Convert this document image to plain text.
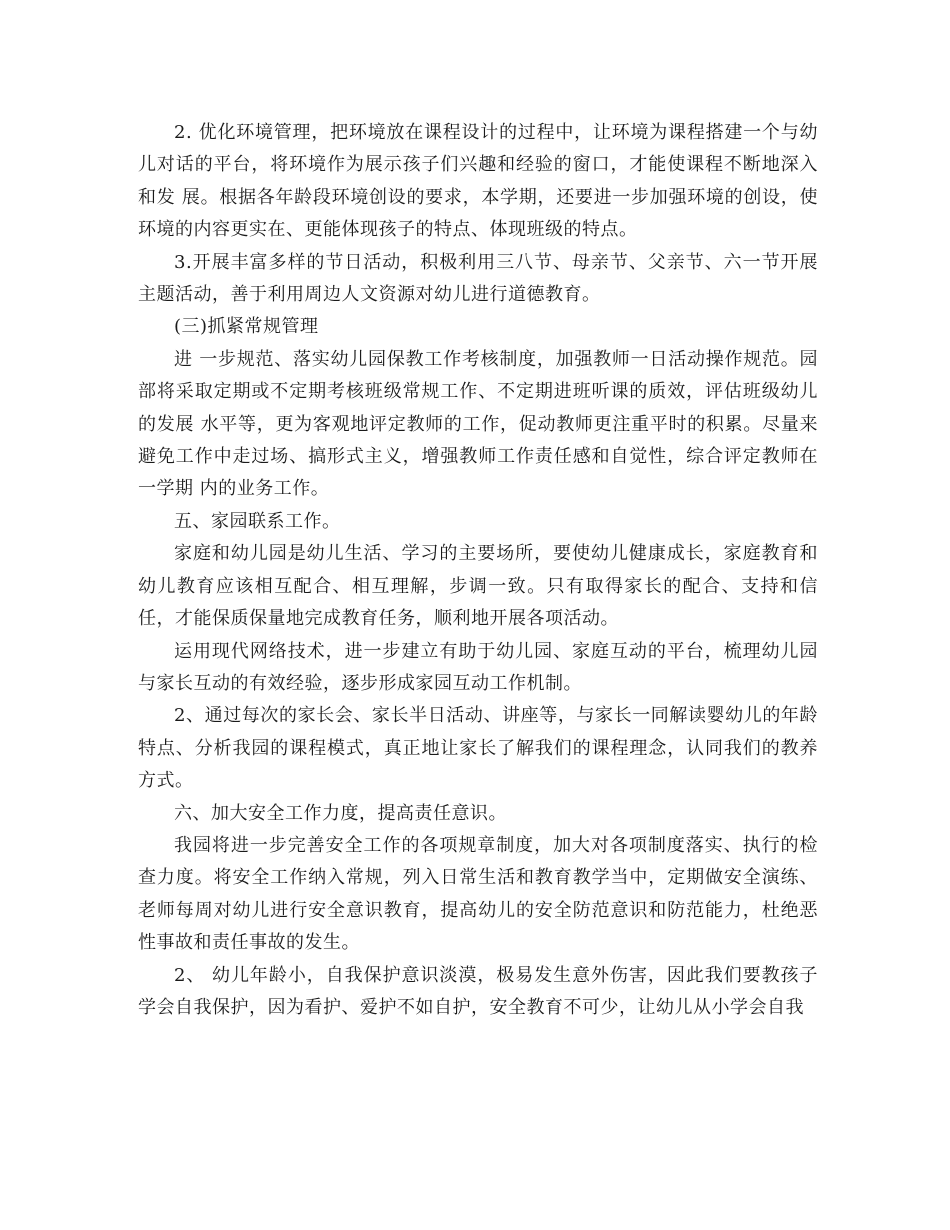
2. 优化环境管理，把环境放在课程设计的过程中，让环境为课程搭建一个与幼儿对话的平台，将环境作为展示孩子们兴趣和经验的窗口，才能使课程不断地深入和发 展。根据各年龄段环境创设的要求，本学期，还要进一步加强环境的创设，使环境的内容更实在、更能体现孩子的特点、体现班级的特点。

3.开展丰富多样的节日活动，积极利用三八节、母亲节、父亲节、六一节开展主题活动，善于利用周边人文资源对幼儿进行道德教育。

(三)抓紧常规管理

进 一步规范、落实幼儿园保教工作考核制度，加强教师一日活动操作规范。园部将采取定期或不定期考核班级常规工作、不定期进班听课的质效，评估班级幼儿的发展 水平等，更为客观地评定教师的工作，促动教师更注重平时的积累。尽量来避免工作中走过场、搞形式主义，增强教师工作责任感和自觉性，综合评定教师在一学期 内的业务工作。

五、家园联系工作。

家庭和幼儿园是幼儿生活、学习的主要场所，要使幼儿健康成长，家庭教育和幼儿教育应该相互配合、相互理解，步调一致。只有取得家长的配合、支持和信任，才能保质保量地完成教育任务，顺利地开展各项活动。

运用现代网络技术，进一步建立有助于幼儿园、家庭互动的平台，梳理幼儿园与家长互动的有效经验，逐步形成家园互动工作机制。

2、通过每次的家长会、家长半日活动、讲座等，与家长一同解读婴幼儿的年龄特点、分析我园的课程模式，真正地让家长了解我们的课程理念，认同我们的教养方式。

六、加大安全工作力度，提高责任意识。

我园将进一步完善安全工作的各项规章制度，加大对各项制度落实、执行的检查力度。将安全工作纳入常规，列入日常生活和教育教学当中，定期做安全演练、老师每周对幼儿进行安全意识教育，提高幼儿的安全防范意识和防范能力，杜绝恶性事故和责任事故的发生。

2、 幼儿年龄小，自我保护意识淡漠，极易发生意外伤害，因此我们要教孩子学会自我保护，因为看护、爱护不如自护，安全教育不可少，让幼儿从小学会自我
